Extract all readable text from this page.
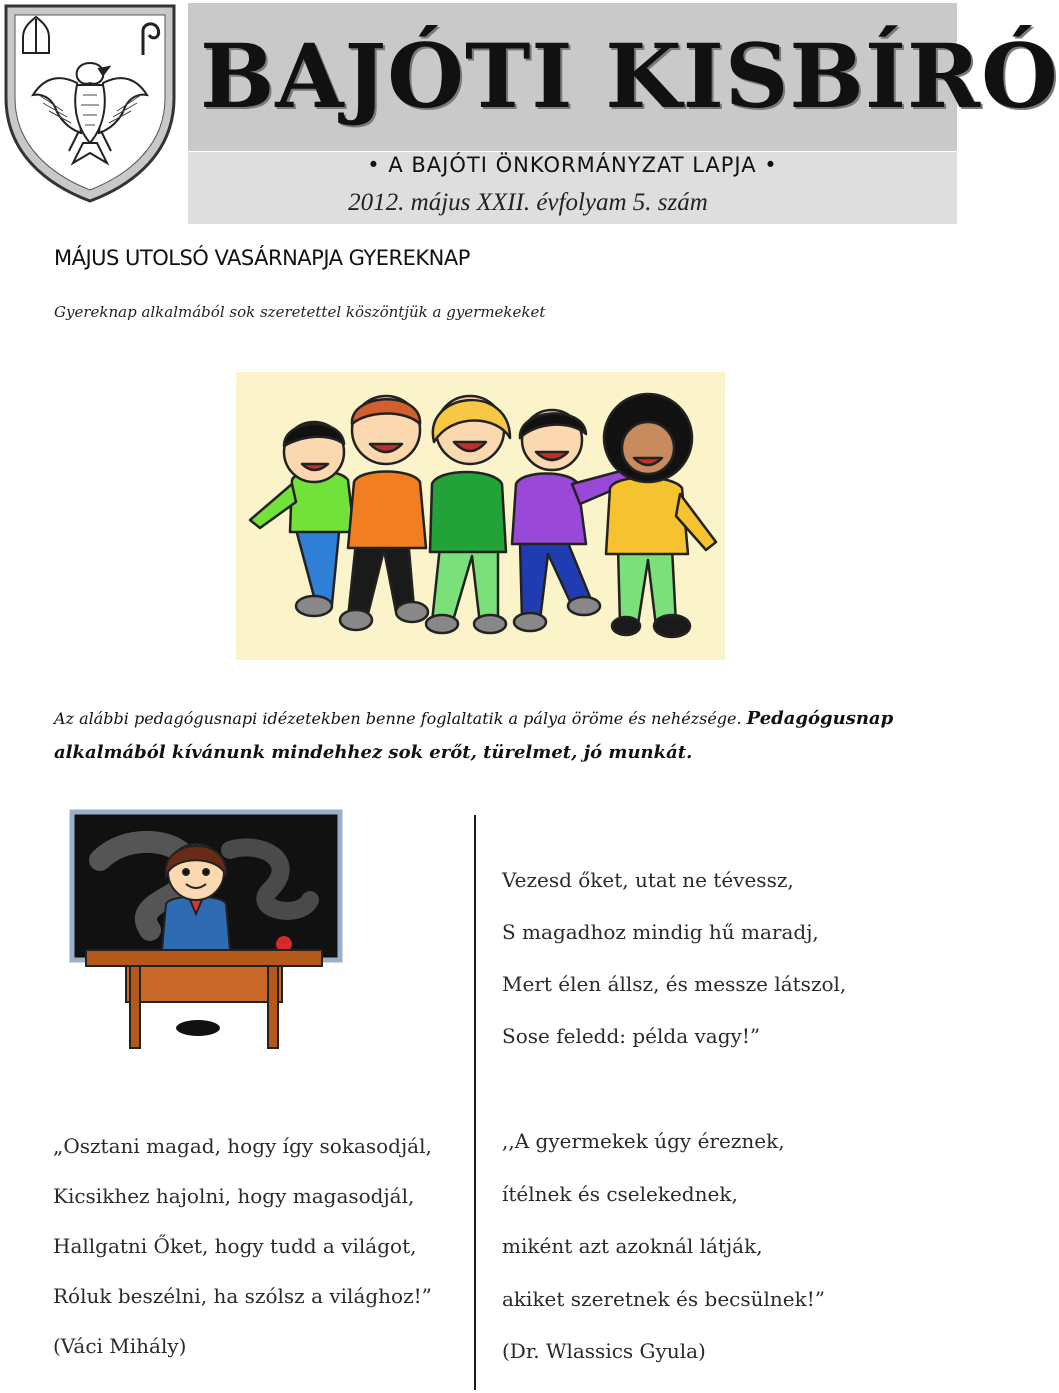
BAJÓTI KISBÍRÓ
• A BAJÓTI ÖNKORMÁNYZAT LAPJA •
2012. május XXII. évfolyam 5. szám
MÁJUS UTOLSÓ VASÁRNAPJA GYEREKNAP
Gyereknap alkalmából sok szeretettel köszöntjük a gyermekeket
Az alábbi pedagógusnapi idézetekben benne foglaltatik a pálya öröme és nehézsége. Pedagógusnap alkalmából kívánunk mindehhez sok erőt, türelmet, jó munkát.
Vezesd őket, utat ne tévessz,
S magadhoz mindig hű maradj,
Mert élen állsz, és messze látszol,
Sose feledd: példa vagy!”
„Osztani magad, hogy így sokasodjál,
Kicsikhez hajolni, hogy magasodjál,
Hallgatni Őket, hogy tudd a világot,
Róluk beszélni, ha szólsz a világhoz!”
(Váci Mihály)
,,A gyermekek úgy éreznek,
ítélnek és cselekednek,
miként azt azoknál látják,
akiket szeretnek és becsülnek!”
(Dr. Wlassics Gyula)
